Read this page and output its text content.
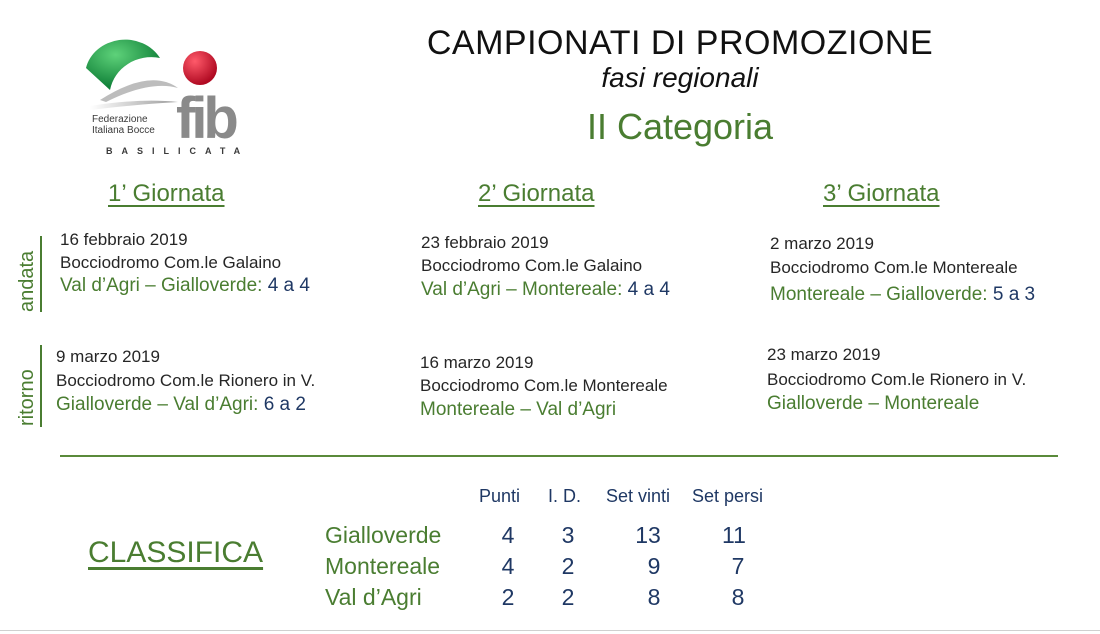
fib
Federazione
Italiana Bocce
BASILICATA
CAMPIONATI DI PROMOZIONE
fasi regionali
II Categoria
1’ Giornata	2’ Giornata	3’ Giornata
andata
ritorno
16 febbraio 2019
Bocciodromo Com.le Galaino
Val d’Agri – Gialloverde: 4 a 4
23 febbraio 2019
Bocciodromo Com.le Galaino
Val d’Agri – Montereale: 4 a 4
2 marzo 2019
Bocciodromo Com.le Montereale
Montereale – Gialloverde: 5 a 3
9 marzo 2019
Bocciodromo Com.le Rionero in V.
Gialloverde – Val d’Agri: 6 a 2
16 marzo 2019
Bocciodromo Com.le Montereale
Montereale – Val d’Agri
23 marzo 2019
Bocciodromo Com.le Rionero in V.
Gialloverde – Montereale
CLASSIFICA
Punti I. D. Set vinti Set persi
Gialloverde	4	3	13	11
Montereale	4	2	9	7
Val d’Agri	2	2	8	8
